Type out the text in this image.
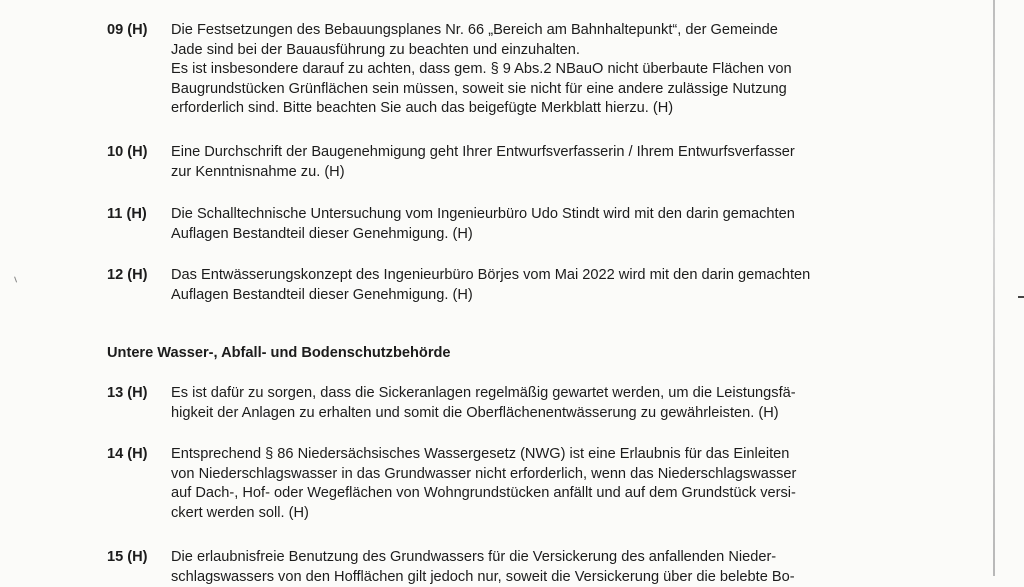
09 (H)	Die Festsetzungen des Bebauungsplanes Nr. 66 „Bereich am Bahnhaltepunkt“, der Gemeinde
Jade sind bei der Bauausführung zu beachten und einzuhalten.
Es ist insbesondere darauf zu achten, dass gem. § 9 Abs.2 NBauO nicht überbaute Flächen von
Baugrundstücken Grünflächen sein müssen, soweit sie nicht für eine andere zulässige Nutzung
erforderlich sind. Bitte beachten Sie auch das beigefügte Merkblatt hierzu. (H)
10 (H)	Eine Durchschrift der Baugenehmigung geht Ihrer Entwurfsverfasserin / Ihrem Entwurfsverfasser
zur Kenntnisnahme zu. (H)
11 (H)	Die Schalltechnische Untersuchung vom Ingenieurbüro Udo Stindt wird mit den darin gemachten
Auflagen Bestandteil dieser Genehmigung. (H)
12 (H)	Das Entwässerungskonzept des Ingenieurbüro Börjes vom Mai 2022 wird mit den darin gemachten
Auflagen Bestandteil dieser Genehmigung. (H)
Untere Wasser-, Abfall- und Bodenschutzbehörde
13 (H)	Es ist dafür zu sorgen, dass die Sickeranlagen regelmäßig gewartet werden, um die Leistungsfä-
higkeit der Anlagen zu erhalten und somit die Oberflächenentwässerung zu gewährleisten. (H)
14 (H)	Entsprechend § 86 Niedersächsisches Wassergesetz (NWG) ist eine Erlaubnis für das Einleiten
von Niederschlagswasser in das Grundwasser nicht erforderlich, wenn das Niederschlagswasser
auf Dach-, Hof- oder Wegeflächen von Wohngrundstücken anfällt und auf dem Grundstück versi-
ckert werden soll. (H)
15 (H)	Die erlaubnisfreie Benutzung des Grundwassers für die Versickerung des anfallenden Nieder-
schlagswassers von den Hofflächen gilt jedoch nur, soweit die Versickerung über die belebte Bo-
